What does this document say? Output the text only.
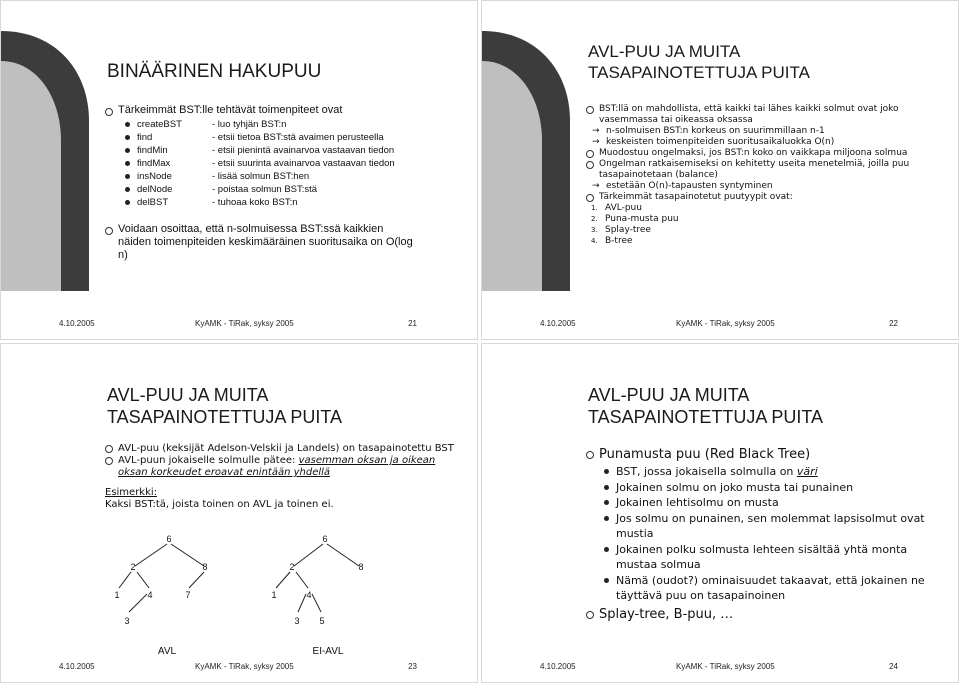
BINÄÄRINEN HAKUPUU
Tärkeimmät BST:lle tehtävät toimenpiteet ovat
createBST	- luo tyhjän BST:n
find	- etsii tietoa BST:stä avaimen perusteella
findMin	- etsii pienintä avainarvoa vastaavan tiedon
findMax	- etsii suurinta avainarvoa vastaavan tiedon
insNode	- lisää solmun BST:hen
delNode	- poistaa solmun BST:stä
delBST	- tuhoaa koko BST:n
Voidaan osoittaa, että n-solmuisessa BST:ssä kaikkien näiden toimenpiteiden keskimääräinen suoritusaika on O(log n)
4.10.2005	KyAMK - TiRak, syksy 2005	21
AVL-PUU JA MUITA
TASAPAINOTETTUJA PUITA
BST:llä on mahdollista, että kaikki tai lähes kaikki solmut ovat joko vasemmassa tai oikeassa oksassa
→ n-solmuisen BST:n korkeus on suurimmillaan n-1
→ keskeisten toimenpiteiden suoritusaikaluokka O(n)
Muodostuu ongelmaksi, jos BST:n koko on vaikkapa miljoona solmua
Ongelman ratkaisemiseksi on kehitetty useita menetelmiä, joilla puu tasapainotetaan (balance)
→ estetään O(n)-tapausten syntyminen
Tärkeimmät tasapainotetut puutyypit ovat:
1. AVL-puu
2. Puna-musta puu
3. Splay-tree
4. B-tree
4.10.2005	KyAMK - TiRak, syksy 2005	22
AVL-PUU JA MUITA
TASAPAINOTETTUJA PUITA
AVL-puu (keksijät Adelson-Velskii ja Landels) on tasapainotettu BST
AVL-puun jokaiselle solmulle pätee: vasemman oksan ja oikean oksan korkeudet eroavat enintään yhdellä
Esimerkki:
Kaksi BST:tä, joista toinen on AVL ja toinen ei.
6
2	8
1	4	7
3
AVL
6
2	8
1	4
3 5
EI-AVL
4.10.2005	KyAMK - TiRak, syksy 2005	23
AVL-PUU JA MUITA
TASAPAINOTETTUJA PUITA
Punamusta puu (Red Black Tree)
BST, jossa jokaisella solmulla on väri
Jokainen solmu on joko musta tai punainen
Jokainen lehtisolmu on musta
Jos solmu on punainen, sen molemmat lapsisolmut ovat mustia
Jokainen polku solmusta lehteen sisältää yhtä monta mustaa solmua
Nämä (oudot?) ominaisuudet takaavat, että jokainen ne täyttävä puu on tasapainoinen
Splay-tree, B-puu, …
4.10.2005	KyAMK - TiRak, syksy 2005	24
